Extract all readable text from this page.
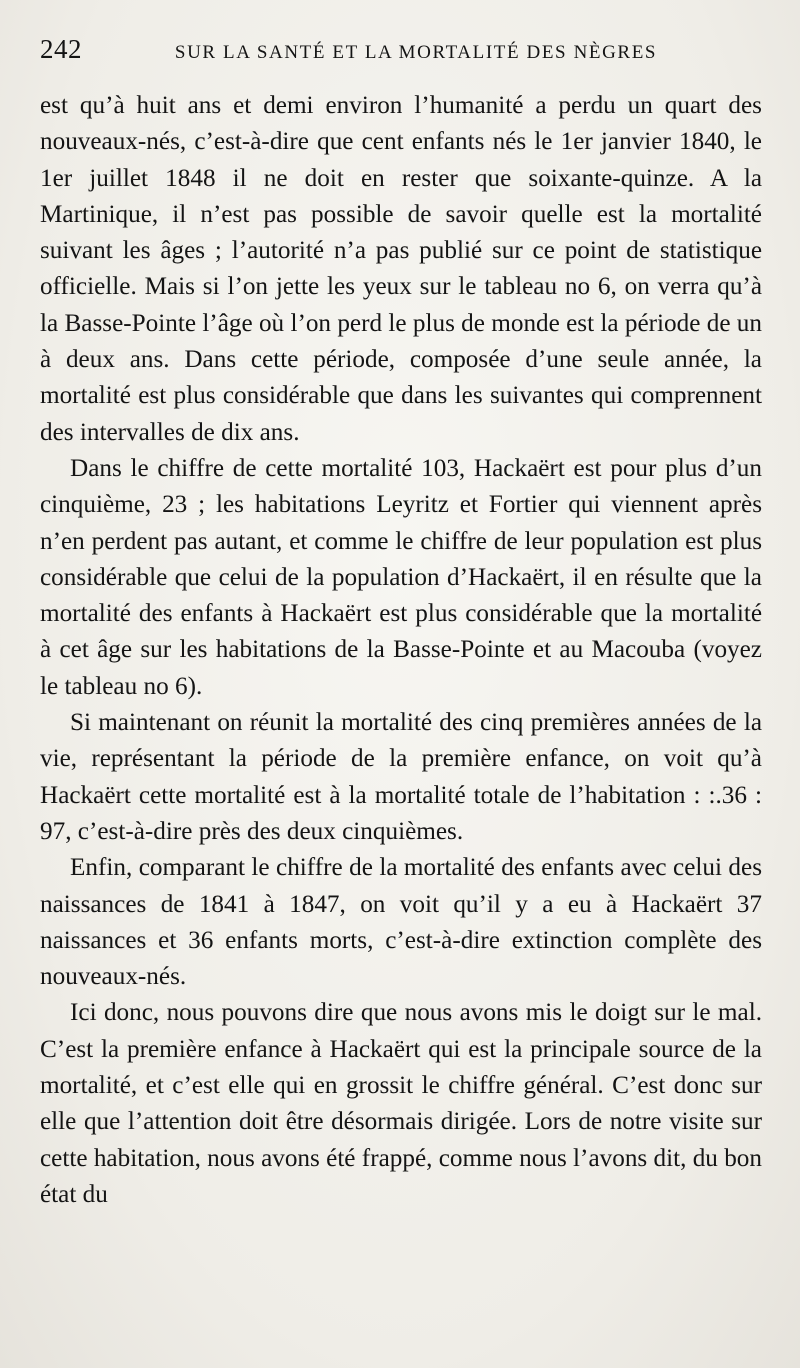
242	SUR LA SANTÉ ET LA MORTALITÉ DES NÈGRES

est qu’à huit ans et demi environ l’humanité a perdu un quart des nouveaux-nés, c’est-à-dire que cent enfants nés le 1er janvier 1840, le 1er juillet 1848 il ne doit en rester que soixante-quinze. A la Martinique, il n’est pas possible de savoir quelle est la mortalité suivant les âges ; l’autorité n’a pas publié sur ce point de statistique officielle. Mais si l’on jette les yeux sur le tableau no 6, on verra qu’à la Basse-Pointe l’âge où l’on perd le plus de monde est la période de un à deux ans. Dans cette période, composée d’une seule année, la mortalité est plus considérable que dans les suivantes qui comprennent des intervalles de dix ans.

Dans le chiffre de cette mortalité 103, Hackaërt est pour plus d’un cinquième, 23 ; les habitations Leyritz et Fortier qui viennent après n’en perdent pas autant, et comme le chiffre de leur population est plus considérable que celui de la population d’Hackaërt, il en résulte que la mortalité des enfants à Hackaërt est plus considérable que la mortalité à cet âge sur les habitations de la Basse-Pointe et au Macouba (voyez le tableau no 6).

Si maintenant on réunit la mortalité des cinq premières années de la vie, représentant la période de la première enfance, on voit qu’à Hackaërt cette mortalité est à la mortalité totale de l’habitation : :.36 : 97, c’est-à-dire près des deux cinquièmes.

Enfin, comparant le chiffre de la mortalité des enfants avec celui des naissances de 1841 à 1847, on voit qu’il y a eu à Hackaërt 37 naissances et 36 enfants morts, c’est-à-dire extinction complète des nouveaux-nés.

Ici donc, nous pouvons dire que nous avons mis le doigt sur le mal. C’est la première enfance à Hackaërt qui est la principale source de la mortalité, et c’est elle qui en grossit le chiffre général. C’est donc sur elle que l’attention doit être désormais dirigée. Lors de notre visite sur cette habitation, nous avons été frappé, comme nous l’avons dit, du bon état du
